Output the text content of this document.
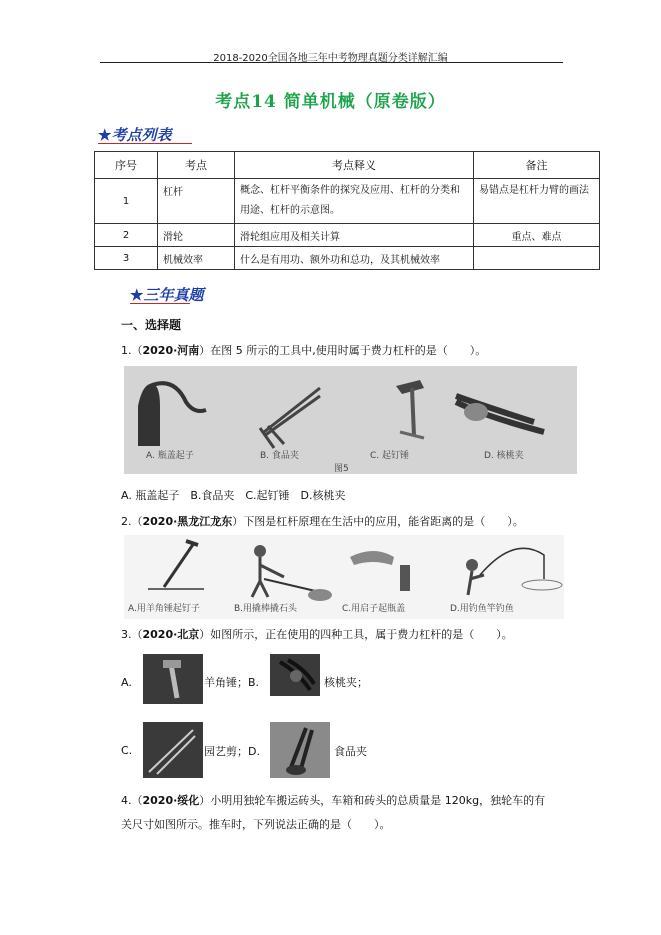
2018-2020全国各地三年中考物理真题分类详解汇编
考点14 简单机械（原卷版）
★考点列表
序号	考点	考点释义	备注
1	杠杆	概念、杠杆平衡条件的探究及应用、杠杆的分类和用途、杠杆的示意图。	易错点是杠杆力臂的画法
2	滑轮	滑轮组应用及相关计算	重点、难点
3	机械效率	什么是有用功、额外功和总功，及其机械效率	
★三年真题
一、选择题
1.（2020·河南）在图 5 所示的工具中,使用时属于费力杠杆的是（　　）。
A. 瓶盖起子	B. 食品夹	C. 起钉锤	D. 核桃夹
图5
A. 瓶盖起子　B.食品夹　C.起钉锤　D.核桃夹
2.（2020·黑龙江龙东）下图是杠杆原理在生活中的应用，能省距离的是（　　）。
A.用羊角锤起钉子	B.用撬棒撬石头	C.用启子起瓶盖	D.用钓鱼竿钓鱼
3.（2020·北京）如图所示，正在使用的四种工具，属于费力杠杆的是（　　）。
A.	羊角锤；B.	核桃夹；
C.	园艺剪；D.	食品夹
4.（2020·绥化）小明用独轮车搬运砖头，车箱和砖头的总质量是 120kg，独轮车的有
关尺寸如图所示。推车时，下列说法正确的是（　　）。
